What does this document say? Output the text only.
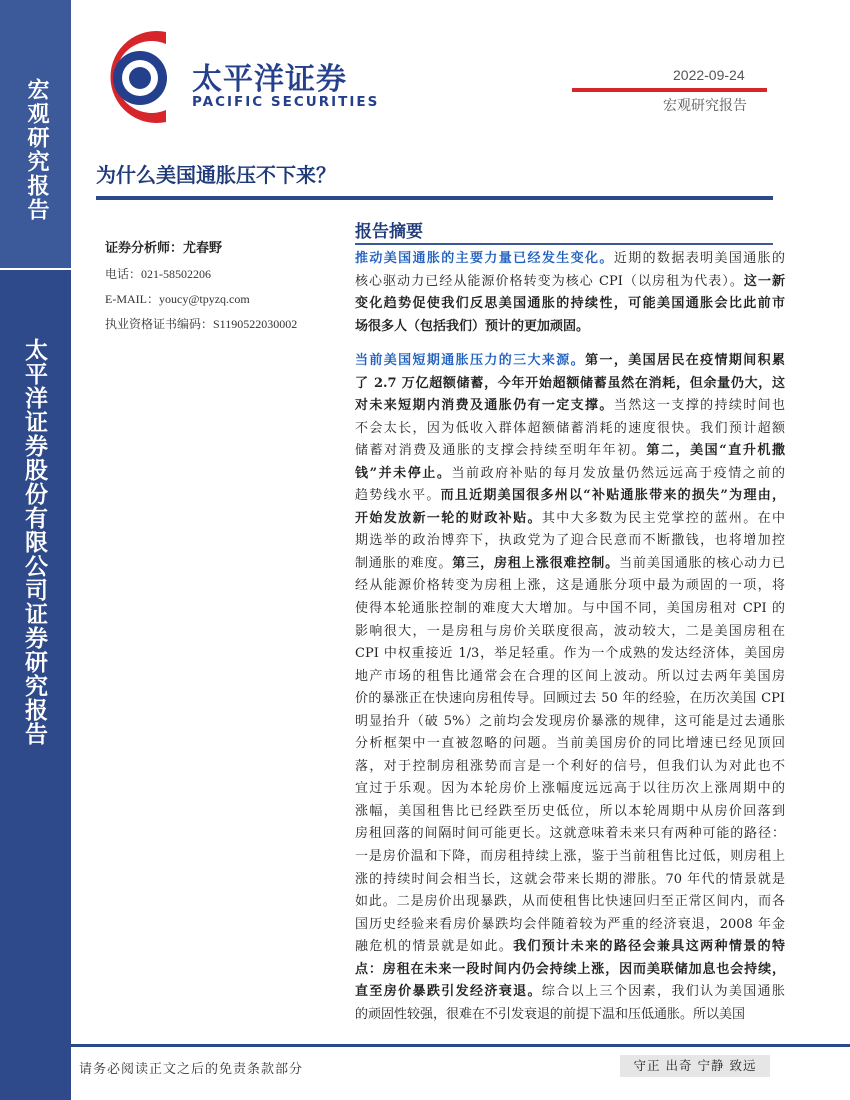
宏观研究报告
太平洋证券股份有限公司证券研究报告
太平洋证券
PACIFIC SECURITIES
2022-09-24
宏观研究报告
为什么美国通胀压不下来？
证券分析师：尤春野
电话：021-58502206
E-MAIL：youcy@tpyzq.com
执业资格证书编码：S1190522030002
报告摘要
推动美国通胀的主要力量已经发生变化。近期的数据表明美国通胀的
核心驱动力已经从能源价格转变为核心 CPI（以房租为代表）。这一新
变化趋势促使我们反思美国通胀的持续性，可能美国通胀会比此前市
场很多人（包括我们）预计的更加顽固。
当前美国短期通胀压力的三大来源。第一，美国居民在疫情期间积累
了 2.7 万亿超额储蓄，今年开始超额储蓄虽然在消耗，但余量仍大，这
对未来短期内消费及通胀仍有一定支撑。当然这一支撑的持续时间也
不会太长，因为低收入群体超额储蓄消耗的速度很快。我们预计超额
储蓄对消费及通胀的支撑会持续至明年年初。第二，美国“直升机撒
钱”并未停止。当前政府补贴的每月发放量仍然远远高于疫情之前的
趋势线水平。而且近期美国很多州以“补贴通胀带来的损失”为理由，
开始发放新一轮的财政补贴。其中大多数为民主党掌控的蓝州。在中
期选举的政治博弈下，执政党为了迎合民意而不断撒钱，也将增加控
制通胀的难度。第三，房租上涨很难控制。当前美国通胀的核心动力已
经从能源价格转变为房租上涨，这是通胀分项中最为顽固的一项，将
使得本轮通胀控制的难度大大增加。与中国不同，美国房租对 CPI 的
影响很大，一是房租与房价关联度很高，波动较大，二是美国房租在
CPI 中权重接近 1/3，举足轻重。作为一个成熟的发达经济体，美国房
地产市场的租售比通常会在合理的区间上波动。所以过去两年美国房
价的暴涨正在快速向房租传导。回顾过去 50 年的经验，在历次美国 CPI
明显抬升（破 5%）之前均会发现房价暴涨的规律，这可能是过去通胀
分析框架中一直被忽略的问题。当前美国房价的同比增速已经见顶回
落，对于控制房租涨势而言是一个利好的信号，但我们认为对此也不
宜过于乐观。因为本轮房价上涨幅度远远高于以往历次上涨周期中的
涨幅，美国租售比已经跌至历史低位，所以本轮周期中从房价回落到
房租回落的间隔时间可能更长。这就意味着未来只有两种可能的路径：
一是房价温和下降，而房租持续上涨，鉴于当前租售比过低，则房租上
涨的持续时间会相当长，这就会带来长期的滞胀。70 年代的情景就是
如此。二是房价出现暴跌，从而使租售比快速回归至正常区间内，而各
国历史经验来看房价暴跌均会伴随着较为严重的经济衰退，2008 年金
融危机的情景就是如此。我们预计未来的路径会兼具这两种情景的特
点：房租在未来一段时间内仍会持续上涨，因而美联储加息也会持续，
直至房价暴跌引发经济衰退。综合以上三个因素，我们认为美国通胀
的顽固性较强，很难在不引发衰退的前提下温和压低通胀。所以美国
请务必阅读正文之后的免责条款部分	守正 出奇 宁静 致远
